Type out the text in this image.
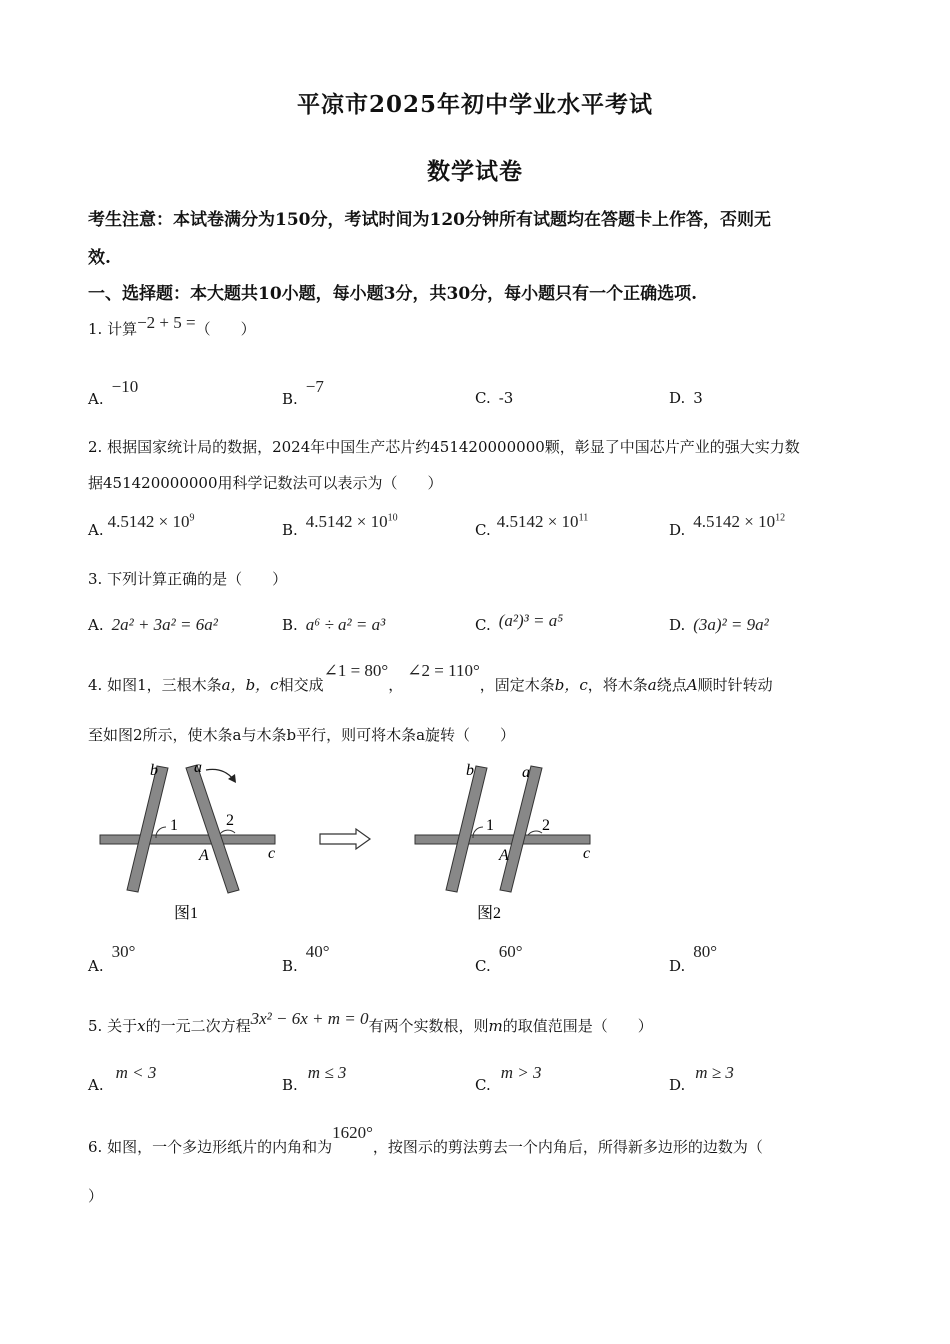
平凉市2025年初中学业水平考试
数学试卷
考生注意：本试卷满分为150分，考试时间为120分钟所有试题均在答题卡上作答，否则无
效.
一、选择题：本大题共10小题，每小题3分，共30分，每小题只有一个正确选项.
1. 计算−2 + 5 =（　　）
A.−10
B.−7
C. -3	D. 3
2. 根据国家统计局的数据，2024年中国生产芯片约451420000000颗，彰显了中国芯片产业的强大实力数
据451420000000用科学记数法可以表示为（　　）
A. $4.5142 \times 10^9$
B. $4.5142 \times 10^{10}$
C. $4.5142 \times 10^{11}$
D. $4.5142 \times 10^{12}$
3. 下列计算正确的是（　　）
A. 2a² + 3a² = 6a²	B. a⁶ ÷ a² = a³	C. (a²)³ = a⁵	D. (3a)² = 9a²
4. 如图1，三根木条a，b，c相交成∠1 = 80°，∠2 = 110°，固定木条b，c，将木条a绕点A顺时针转动
至如图2所示，使木条a与木条b平行，则可将木条a旋转（　　）
b a
1	2
A	c
图1
b	a
1	2
A	c
图2
A.30°
B.40°
C.60°
D.80°
5. 关于x的一元二次方程3x² − 6x + m = 0有两个实数根，则m的取值范围是（　　）
A.m < 3
B.m ≤ 3
C.m > 3
D.m ≥ 3
6. 如图，一个多边形纸片的内角和为1620°，按图示的剪法剪去一个内角后，所得新多边形的边数为（
）
